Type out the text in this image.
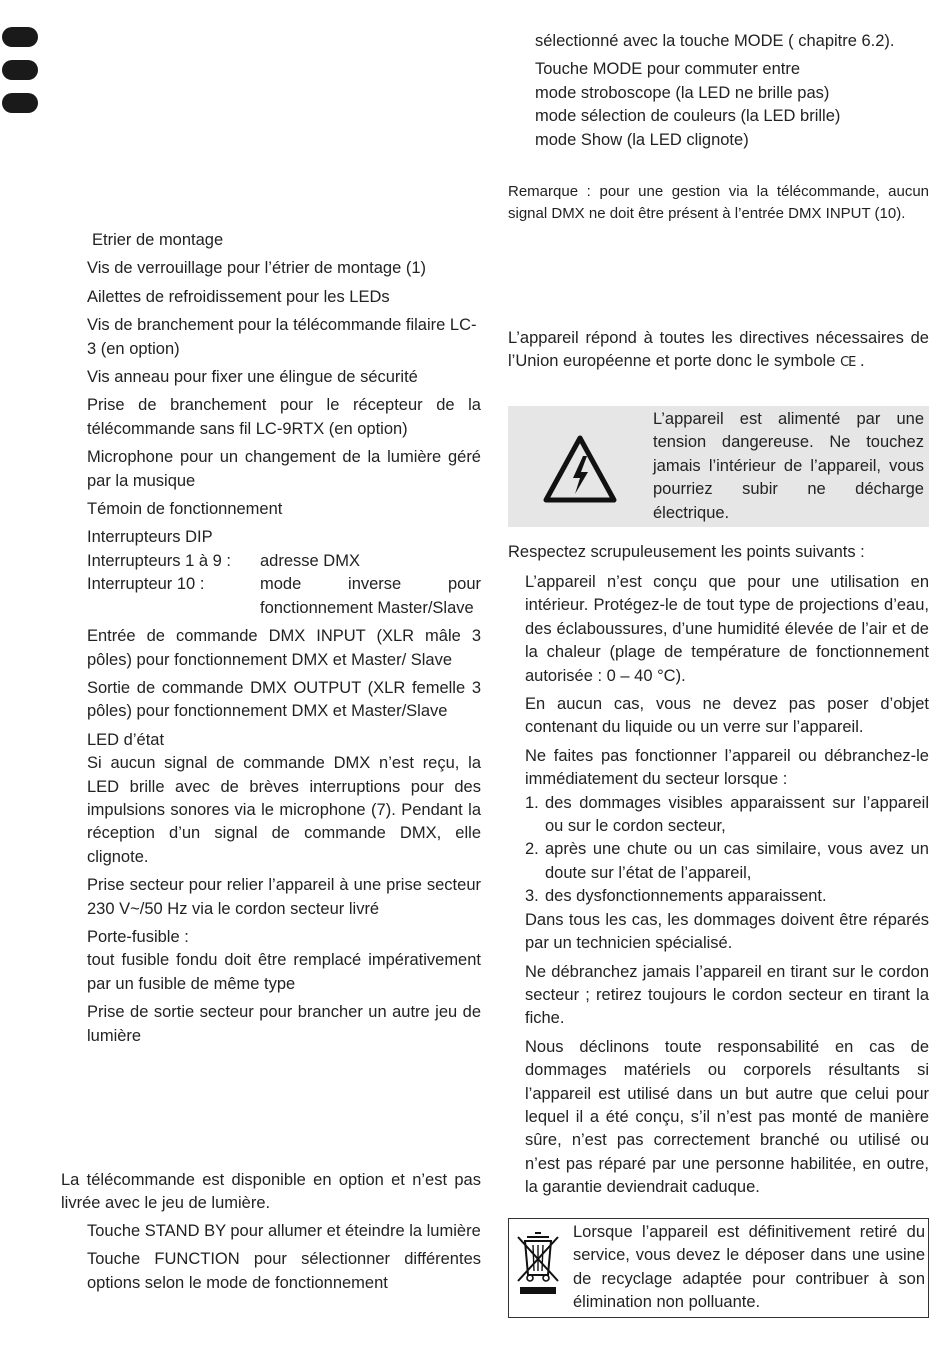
Etrier de montage
Vis de verrouillage pour l’étrier de montage (1)
Ailettes de refroidissement pour les LEDs
Vis de branchement pour la télécommande filaire LC-3 (en option)
Vis anneau pour fixer une élingue de sécurité
Prise de branchement pour le récepteur de la télécommande sans fil LC-9RTX (en option)
Microphone pour un changement de la lumière géré par la musique
Témoin de fonctionnement
Interrupteurs DIP
Interrupteurs 1 à 9 :	adresse DMX
Interrupteur 10 :	mode inverse pour fonctionnement Master/Slave
Entrée de commande DMX INPUT (XLR mâle 3 pôles) pour fonctionnement DMX et Master/ Slave
Sortie de commande DMX OUTPUT (XLR femelle 3 pôles) pour fonctionnement DMX et Master/Slave
LED d’état
Si aucun signal de commande DMX n’est reçu, la LED brille avec de brèves interruptions pour des impulsions sonores via le microphone (7). Pendant la réception d’un signal de commande DMX, elle clignote.
Prise secteur pour relier l’appareil à une prise secteur 230 V~/50 Hz via le cordon secteur livré
Porte-fusible :
tout fusible fondu doit être remplacé impérativement par un fusible de même type
Prise de sortie secteur pour brancher un autre jeu de lumière
La télécommande est disponible en option et n’est pas livrée avec le jeu de lumière.
Touche STAND BY pour allumer et éteindre la lumière
Touche FUNCTION pour sélectionner différentes options selon le mode de fonctionnement
sélectionné avec la touche MODE ( chapitre 6.2).
Touche MODE pour commuter entre
mode stroboscope (la LED ne brille pas)
mode sélection de couleurs (la LED brille)
mode Show (la LED clignote)
Remarque : pour une gestion via la télécommande, aucun signal DMX ne doit être présent à l’entrée DMX INPUT (10).
L’appareil répond à toutes les directives nécessaires de l’Union européenne et porte donc le symbole CE .
L’appareil est alimenté par une tension dangereuse. Ne touchez jamais l’intérieur de l’appareil, vous pourriez subir ne décharge électrique.
Respectez scrupuleusement les points suivants :
L’appareil n’est conçu que pour une utilisation en intérieur. Protégez-le de tout type de projections d’eau, des éclaboussures, d’une humidité élevée de l’air et de la chaleur (plage de température de fonctionnement autorisée : 0 – 40 °C).
En aucun cas, vous ne devez pas poser d’objet contenant du liquide ou un verre sur l’appareil.
Ne faites pas fonctionner l’appareil ou débranchez-le immédiatement du secteur lorsque :
1. des dommages visibles apparaissent sur l’appareil ou sur le cordon secteur,
2. après une chute ou un cas similaire, vous avez un doute sur l’état de l’appareil,
3. des dysfonctionnements apparaissent.
Dans tous les cas, les dommages doivent être réparés par un technicien spécialisé.
Ne débranchez jamais l’appareil en tirant sur le cordon secteur ; retirez toujours le cordon secteur en tirant la fiche.
Nous déclinons toute responsabilité en cas de dommages matériels ou corporels résultants si l’appareil est utilisé dans un but autre que celui pour lequel il a été conçu, s’il n’est pas monté de manière sûre, n’est pas correctement branché ou utilisé ou n’est pas réparé par une personne habilitée, en outre, la garantie deviendrait caduque.
Lorsque l’appareil est définitivement retiré du service, vous devez le déposer dans une usine de recyclage adaptée pour contribuer à son élimination non polluante.
